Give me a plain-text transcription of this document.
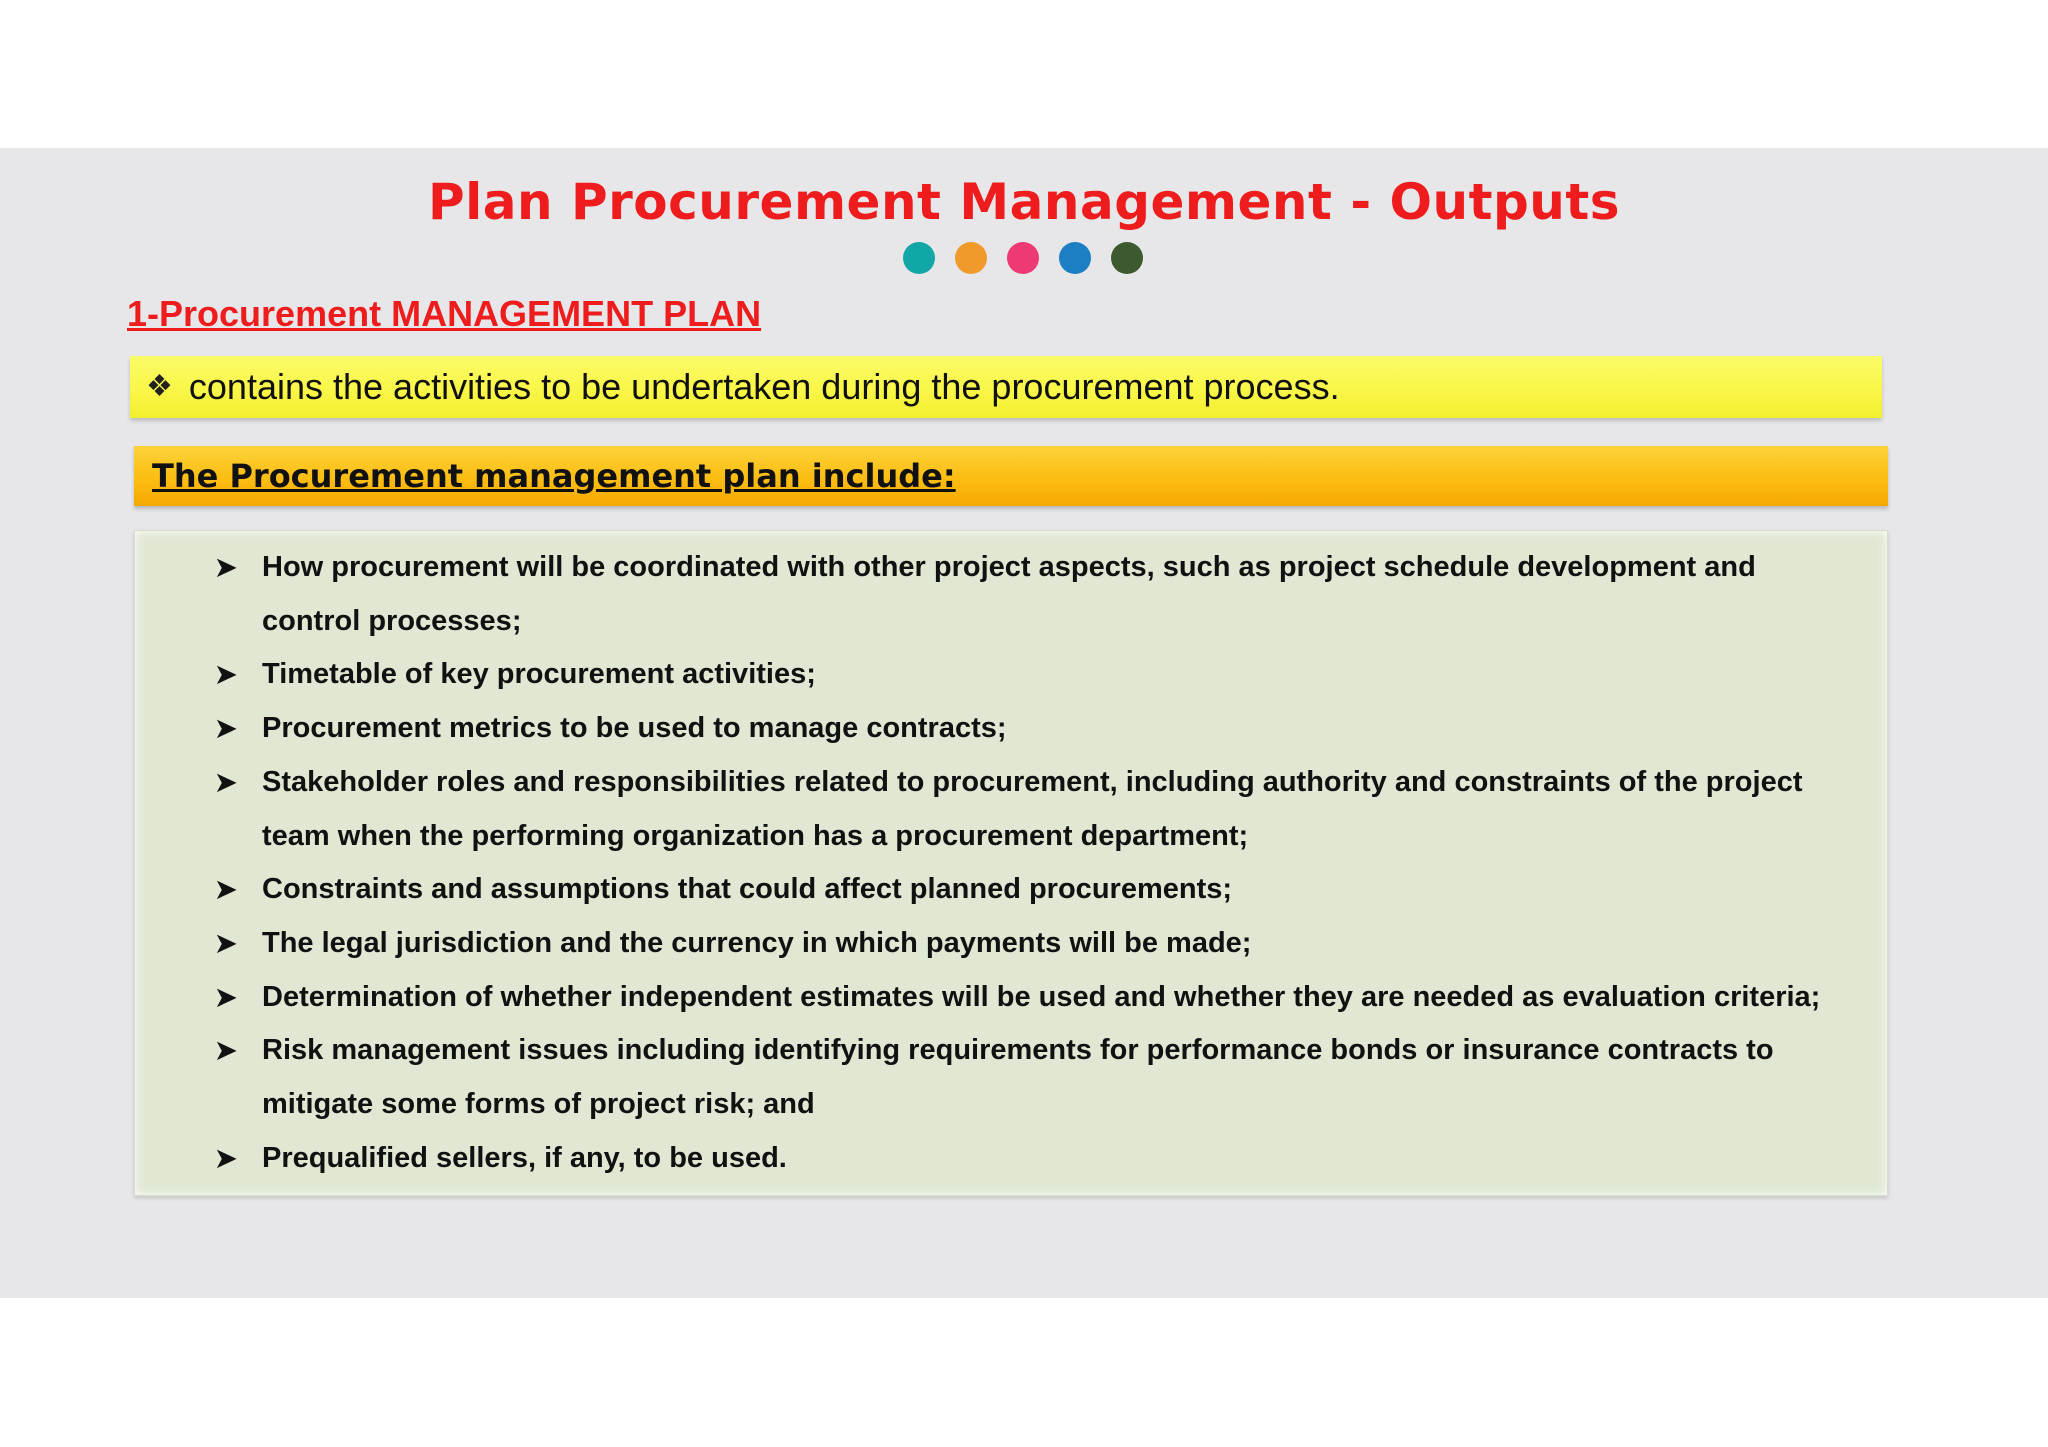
Plan Procurement Management - Outputs
1-Procurement MANAGEMENT PLAN
❖ contains the activities to be undertaken during the procurement process.
The Procurement management plan include:
➤ How procurement will be coordinated with other project aspects, such as project schedule development and control processes;
➤ Timetable of key procurement activities;
➤ Procurement metrics to be used to manage contracts;
➤ Stakeholder roles and responsibilities related to procurement, including authority and constraints of the project team when the performing organization has a procurement department;
➤ Constraints and assumptions that could affect planned procurements;
➤ The legal jurisdiction and the currency in which payments will be made;
➤ Determination of whether independent estimates will be used and whether they are needed as evaluation criteria;
➤ Risk management issues including identifying requirements for performance bonds or insurance contracts to mitigate some forms of project risk; and
➤ Prequalified sellers, if any, to be used.
